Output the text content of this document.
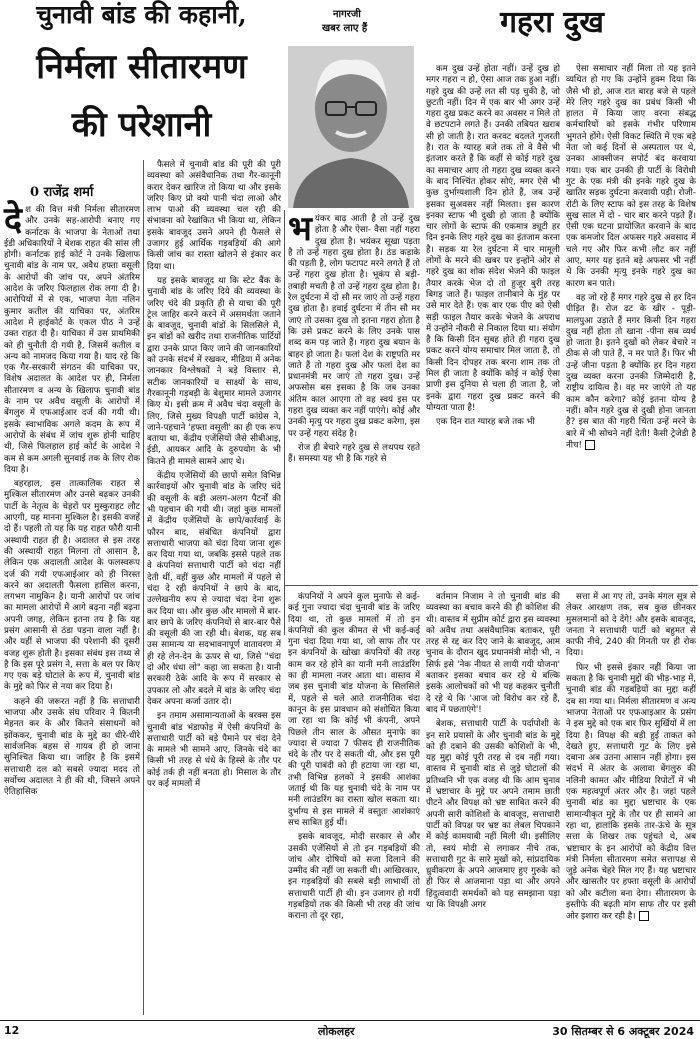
चुनावी बांड की कहानी,
निर्मला सीतारमण
की परेशानी
0 राजेंद्र शर्मा
नागरजी
खबर लाए हैं	गहरा दुख

देश की वित्त मंत्री निर्मला सीतारमण और उनके सह-आरोपी बनाए गए कर्नाटक के भाजपा के नेताओं तथा ईडी अधिकारियों ने बेशक राहत की सांस ली होगी। कर्नाटक हाई कोर्ट ने उनके खिलाफ चुनावी बांड के नाम पर, अवैध हफ्ता वसूली के आरोपों की जांच पर, अपने अंतरिम आदेश के जरिए फिलहाल रोक लगा दी है। आरोपियों में से एक, भाजपा नेता नलिन कुमार कतील की याचिका पर, अंतरिम आदेश में हाईकोर्ट के एकल पीठ ने उन्हें उक्त राहत दी है। याचिका में उस प्राथमिकी को ही चुनौती दी गयी है, जिसमें कतील व अन्य को नामजद किया गया है। याद रहे कि एक गैर-सरकारी संगठन की याचिका पर, विशेष अदालत के आदेश पर ही, निर्मला सीतारमण व अन्य के खिलाफ चुनावी बांड के नाम पर अवैध वसूली के आरोपों में बेंगलुरु में एफआईआर दर्ज की गयी थी। इसके स्वाभाविक अगले कदम के रूप में आरोपों के संबंध में जांच शुरू होनी चाहिए थी, जिसे फिलहाल हाई कोर्ट के आदेश ने कम से कम अगली सुनवाई तक के लिए रोक दिया है।

बहरहाल, इस तात्कालिक राहत से मुश्किल सीतारमण और उनसे बढ़कर उनकी पार्टी के नेतृत्व के चेहरों पर मुस्कुराहट लौट आएगी, यह मानना मुश्किल है। इसकी वजहें दो हैं। पहली तो यह कि यह राहत फौरी यानी अस्थायी राहत ही है। अदालत से इस तरह की अस्थायी राहत मिलना तो आसान है, लेकिन एक अदालती आदेश के फलस्वरूप दर्ज की गयी एफआईआर को ही निरस्त करने का अदालती फैसला हासिल करना, लगभग नामुकिन है। यानी आरोपों पर जांच का मामला आरोपों में आगे बढ़ना नहीं बढ़ना अपनी जगह, लेकिन इतना तय है कि यह प्रसंग आसानी से ठंडा पड़ना वाला नहीं है। और यहीं से भाजपा की परेशानी की दूसरी वजह शुरू होती है। इसका संबंध इस तथ्य से है कि इस पूरे प्रसंग ने, सत्ता के बल पर किए गए एक बड़े घोटाले के रूप में, चुनावी बांड के मुद्दे को फिर से नया कर दिया है।

कहने की जरूरत नहीं है कि सत्ताधारी भाजपा और उसके संघ परिवार ने कितनी मेहनत कर के और कितने संसाधनों को झोंककर, चुनावी बांड के मुद्दे का धीरे-धीरे सार्वजनिक बहस से गायब ही हो जाना सुनिश्चित किया था। जाहिर है कि इसमें सत्ताधारी दल को सबसे ज्यादा मदद तो सर्वोच्च अदालत ने ही की थी, जिसने अपने ऐतिहासिक

फैसले में चुनावी बांड की पूरी की पूरी व्यवस्था को असंवैधानिक तथा गैर-कानूनी करार देकर खारिज तो किया था और इसके जरिए किए प्रो क्यो पानी चंदा लाओ और लाभ पाओ की व्यवस्था चल रही की संभावना को रेखांकित भी किया था, लेकिन इसके बावजूद उसने अपने ही फैसले से उजागर हुई आर्थिक गड़बड़ियों की आगे किसी जांच का रास्ता खोलने से इंकार कर दिया था।

यह इसके बावजूद था कि स्टेट बैंक के चुनावी बांड के जरिए दिये की व्यवस्था के जरिए चंदे की प्रकृति ही से याचा की पूरी ट्रेल जाहिर करने करने में असमर्थता जताने के बावजूद, चुनावी बांडों के सिलसिले में, इन बांडों को खरीद तथा राजनीतिक पार्टियों द्वारा उनके प्राप्त किए जाने की जानकारियों को उनके संदर्भ में रखकर, मीडिया में अनेक जानकार विश्लेषकों ने बड़े विस्तार से, सटीक जानकारियों व साक्ष्यों के साथ, गैरकानूनी गड़बड़ी के बेशुमार मामले उजागर किए थे। इसी क्रम में अवैध चंदा वसूली के लिए, जिसे मुख्य विपक्षी पार्टी कांग्रेस ने, जाने-पहचाने 'हफ्ता वसूली' का ही एक रूप बताया था, केंद्रीय एजेंसियों जैसे सीबीआइ, ईडी, आयकर आदि के दुरुपयोग के भी कितने ही मामले सामने आए थे।

केंद्रीय एजेंसियों की छापों समेत विभिन्न कार्रवाइयों और चुनावी बांड के जरिए चंदे की वसूली के बड़ी अलग-अलग पैटर्नों की भी पहचान की गयी थी। जहां कुछ मामलों में केंद्रीय एजेंसियों के छापे/कार्रवाई के फौरन बाद, संबंधित कंपनियों द्वारा सत्ताधारी भाजपा को चंदा दिया जाना शुरू कर दिया गया था, जबकि इससे पहले तक वे कंपनियां सत्ताधारी पार्टी को चंदा नहीं देती थीं, वहीं कुछ और मामलों में पहले से चंदा दे रही कंपनियों ने छापे के बाद, उल्लेखनीय रूप से ज्यादा चंदा देना शुरू कर दिया था। और कुछ और मामलों में बार-बार छापे के जरिए कंपनियों से बार-बार पैसे की वसूली की जा रही थी। बेशक, यह सब उस सामान्य या सदभावनापूर्ण वातावरण में ही रहे लेन-देन के ऊपर से था, जिसे "चंदा दो और धंधा लो" कहा जा सकता है। यानी सरकारी ठेके आदि के रूप में सरकार से उपकार लो और बदले में बांड के जरिए चंदा देकर अपना कर्जा उतार दो।

इन तमाम असामान्यताओं के बरक्स इस चुनावी बांड भंडाफोड़ में ऐसी कंपनियों के सत्ताधारी पार्टी को बड़े पैमाने पर चंदा देने के मामले भी सामने आए, जिनके चंदे का किसी भी तरह से धंधे के हिस्से के तौर पर कोई तर्क ही नहीं बनता हो। मिसाल के तौर पर कई मामलों में

भयंकर बाढ़ आती है तो उन्हें दुख होता है और ऐसा- वैसा नहीं गहरा दुख होता है। भयंकर सूखा पड़ता है तो उन्हें गहरा दुख होता है। ठंड कड़ाके की पड़ती है, लोग फटापट मरने लगते हैं तो उन्हें गहरा दुख होता है। भूकंप से बड़ी- तबाही मचती है तो उन्हें गहरा दुख होता है। रेल दुर्घटना में दो सौ मर जाएं तो उन्हें गहरा दुख होता है। हवाई दुर्घटना में तीन सौ मर जाएं तो उसका दुख तो इतना गहरा होता है कि उसे प्रकट करने के लिए उनके पास शब्द कम पड़ जाते हैं। गहरा दुख बयान के बाहर हो जाता है। फलां देश के राष्ट्रपति मर जाते हैं तो गहरा दुख और फलां देश का प्रधानमंत्री मर जाएं तो गहरा दुख। उन्हें अफसोस बस इसका है कि जब उनका अंतिम काल आएगा तो वह स्वयं इस पर गहरा दुख व्यक्त कर नहीं पाएंगे। कोई और उनकी मृत्यु पर गहरा दुख प्रकट करेगा, इस पर उन्हें गहरा संदेह है।

रोज ही बेचारे गहरे दुख से लथपथ रहते हैं। समस्या यह भी है कि गहरे से

कम दुख उन्हें होता नहीं। उन्हें दुख हो मगर गहरा न हो, ऐसा आज तक हुआ नहीं। गहरे दुख की उन्हें लत सी पड़ चुकी है, जो छुटती नहीं। दिन में एक बार भी अगर उन्हें गहरा दुख प्रकट करने का अवसर न मिले तो वे छटपटाने लगते हैं। उनकी तबियत खराब सी हो जाती है। रात करवट बदलते गुजरती है। रात के ग्यारह बजे तक तो वे वैसे भी इंतजार करते हैं कि कहीं से कोई गहरे दुख का समाचार आए तो गहरा दुख व्यक्त करने के बाद निश्चिंत होकर सोएं, मगर ऐसे भी कुछ दुर्भाग्यशाली दिन होते हैं, जब उन्हें इसका सुअवसर नहीं मिलता। इस कारण इनका स्टाफ भी दुखी हो जाता है क्योंकि चार लोगों के स्टाफ की एकमात्र ड्यूटी हर दिन इनके लिए गहरे दुख का इंतजाम करना है। सड़क या रेल दुर्घटना में चार मामूली लोगों के मरने की खबर पर इन्होंने ओर से गहरे दुख का शोक संदेश भेजने की फाइल तैयार करके भेज दो तो हुजूर बुरी तरह बिगड़ जाते हैं। फाइल तानीबाने के मुंह पर उसे मार देते हैं। एक बार एक पीए को ऐसी सड़ी फाइल तैयार करके भेजने के अपराध में उन्होंने नौकरी से निकाल दिया था। संयोग है कि किसी दिन सुबह होते ही गहरा दुख प्रकट करने योग्य समाचार मिल जाता है, तो किसी दिन दोपहर तक बरना शाम तक तो मिल ही जाता है क्योंकि कोई न कोई ऐसा प्राणी इस दुनिया से चला ही जाता है, जो इनके द्वारा गहरा दुख प्रकट करने की योग्यता पाता है!

एक दिन रात ग्यारह बजे तक भी

ऐसा समाचार नहीं मिला तो यह इतने व्यथित हो गए कि उन्होंने हुक्म दिया कि जैसे भी हो, आज रात बारह बजे से पहले मेरे लिए गहरे दुख का प्रबंध किसी भी हालत में किया जाए वरना संबद्ध कर्मचारियों को इसके गंभीर परिणाम भुगतने होंगे। ऐसी विकट स्थिति में एक बड़े नेता जो कई दिनों से अस्पताल पर थे, उनका आक्सीजन सपोर्ट बंद करवाया गया। एक बार उनकी ही पार्टी के विरोधी गुट के एक मंत्री की इनके गहरे दुख के खातिर सड़क दुर्घटना करवायी पड़ी। रोजी- रोटी के लिए स्टाफ को इस तरह के विशेष सुख साल में दो - चार बार करने पड़ते हैं। ऐसी एक घटना प्रायोजित करवाने के बाद एक कमजोर दिल अफसर गहरे अवसाद में चले गए और फिर कभी लौट कर नहीं आए, मगर यह इतने बड़े अफसर भी नहीं थे कि उनकी मृत्यु इनके गहरे दुख का कारण बन पाते।

वह जो रहे हैं मगर गहरे दुख से हर दिन पीड़ित हैं। रोज ढट के खीर - पूड़ी-मालपुआ उड़ाते हैं मगर किसी दिन गहरा दुख नहीं होता तो खाना -पीना सब व्यर्थ हो जाता है। इतने दुखों को लेकर बेचारे न ठीक से जी पाते हैं, न मर पाते हैं। फिर भी उन्हें जीना पड़ता है क्योंकि हर दिन गहरा दुख व्यक्त करना उनकी जिम्मेदारी है, राष्ट्रीय दायित्व है। वह मर जाएंगे तो यह काम कौन करेगा? कोई इतना योग्य है नहीं। कौन गहरे दुख से दुखी होना जानता है? इस बात की गहरी चिंता उन्हें मरने के बारे में भी सोचने नहीं देती! कैसी ट्रेजेडी है नीच!

कंपनियों ने अपने कुल मुनाफे से कई-कई गुना ज्यादा चंदा चुनावी बांड के जरिए दिया था, तो कुछ मामलों में तो इन कंपनियों की कुल कीमत से भी कई-कई गुना चंदा दिया गया था, जो साफ तौर पर इन कंपनियों के खोखा कंपनियों की तरह काम कर रहे होने का यानी मनी लाउंडरिंग का ही मामला नजर आता था। वास्तव में जब इस चुनावी बांड योजना के सिलसिले में, पहले से चले आते राजनीतिक चंदा कानून के इस प्रावधान को संशोधित किया जा रहा था कि कोई भी कंपनी, अपने पिछले तीन साल के औसत मुनाफे का ज्यादा से ज्यादा 7 फीसद ही राजनीतिक चंदे के तौर पर दे सकती थी, और इस पूरी की पूरी पाबंदी को ही हटाया जा रहा था, तभी विभिन्न हलकों ने इसकी आशंका जताई थी कि यह चुनावी चंदे के नाम पर मनी लाउंडरिंग का रास्ता खोल सकता था। दुर्भाग्य से इस मामले में वस्तुतः आशंकाएं सच साबित हुई थीं।

इसके बावजूद, मोदी सरकार से और उसकी एजेंसियों से तो इन गड़बड़ियों की जांच और दोषियों को सजा दिलाने की उम्मीद की नहीं जा सकती थी। आखिरकार, इन गड़बड़ियों की सबसे बड़ी लाभार्थी तो सत्ताधारी पार्टी ही थी। इन उजागर हो गयीं गड़बड़ियों तक की किसी भी तरह की जांच कराना तो दूर रहा,

वर्तमान निजाम ने तो चुनावी बांड की व्यवस्था का बचाव करने की ही कोशिश की थी। वास्तव में सुप्रीम कोर्ट द्वारा इस व्यवस्था को अवैध तथा असंवैधानिक बताकर, पूरी तरह से रद्द कर दिए जाने के बावजूद, आम चुनाव के दौरान खुद प्रधानमंत्री मोदी भी, न सिर्फ इसे 'नेक नीयत से लायी गयी योजना' बताकर इसका बचाव कर रहे थे बल्कि इसके आलोचकों को भी यह कहकर चुनौती दे रहे थे कि 'आज जो विरोध कर रहे हैं, बाद में पछताएंगे'!

बेशक, सत्ताधारी पार्टी के पर्दापोशी के इन सारे प्रयासों के और चुनावी बांड के मुद्दे को ही दबाने की उसकी कोशिशों के भी, यह मुद्दा कोई पूरी तरह से दब नहीं गया। वास्तव में चुनावी बांड से जुड़े घोटालों की प्रतिध्वनि भी एक वजह थी कि आम चुनाव में भ्रष्टाचार के मुद्दे पर अपने तमाम छाती पीटने और विपक्ष को भ्रष्ट साबित करने की अपनी सारी कोशिशों के बावजूद, सत्ताधारी पार्टी को विपक्ष पर भ्रष्ट का लेबल चिपकाने में कोई कामयाबी नहीं मिली थी। इसीलिए तो, स्वयं मोदी से लगाकर नीचे तक, सत्ताधारी गुट के सारे मुखों को, सांप्रदायिक ध्रुवीकरण के अपने आजमाए हुए गुरुके को ही फिर से आजमाना पड़ा था और अपने हिंदुत्ववादी समर्थकों को यह समझाना पड़ा था कि विपक्षी अगर

सत्ता में आ गए तो, उनके मंगल सूत्र से लेकर आरक्षण तक, सब कुछ छीनकर मुसलमानों को दे देंगे! और इसके बावजूद, जनता ने सत्ताधारी पार्टी को बहुमत से काफी नीचे, 240 की गिनती पर ही रोक दिया।

फिर भी इससे इंकार नहीं किया जा सकता है कि चुनावी मुद्दों की भीड़-भाड़ में, चुनावी बांड की गड़बड़ियों का मुद्दा कहीं दब सा गया था। निर्मला सीतारमण व अन्य भाजपा नेताओं पर एफआइआर के प्रसंग ने इस मुद्दे को एक बार फिर सुर्खियों में ला दिया है। विपक्ष की बड़ी हुई ताकत को देखते हुए, सत्ताधारी गुट के लिए इसे दबाना अब उतना आसान नहीं होगा। इस संदर्भ में अंतर के अलावा बेंगलुरु की नलिनी कामत और मीडिया रिपोर्टों में भी एक महत्वपूर्ण अंतर और है। जहां पहले चुनावी बांड का मुद्दा भ्रष्टाचार के एक सामान्यीकृत मुद्दे के तौर पर ही सामने आ रहा था, हालांकि इसके तार-ऊंचे के सूत्र सत्ता के शिखर तक पहुंचते थे, अब भ्रष्टाचार के इन आरोपों को केंद्रीय वित्त मंत्री निर्मला सीतारमण समेत सत्तापक्ष से जुड़े अनेक चेहरे मिल गए हैं। यह भ्रष्टाचार और खासतौर पर हफ्ता वसूली के आरोपों को और कटीला बना देगा। सीतारमण के इस्तीफे की बढ़ती मांग साफ तौर पर इसी ओर इशारा कर रही है।

12	लोकलहर	30 सितम्बर से 6 अक्टूबर 2024
